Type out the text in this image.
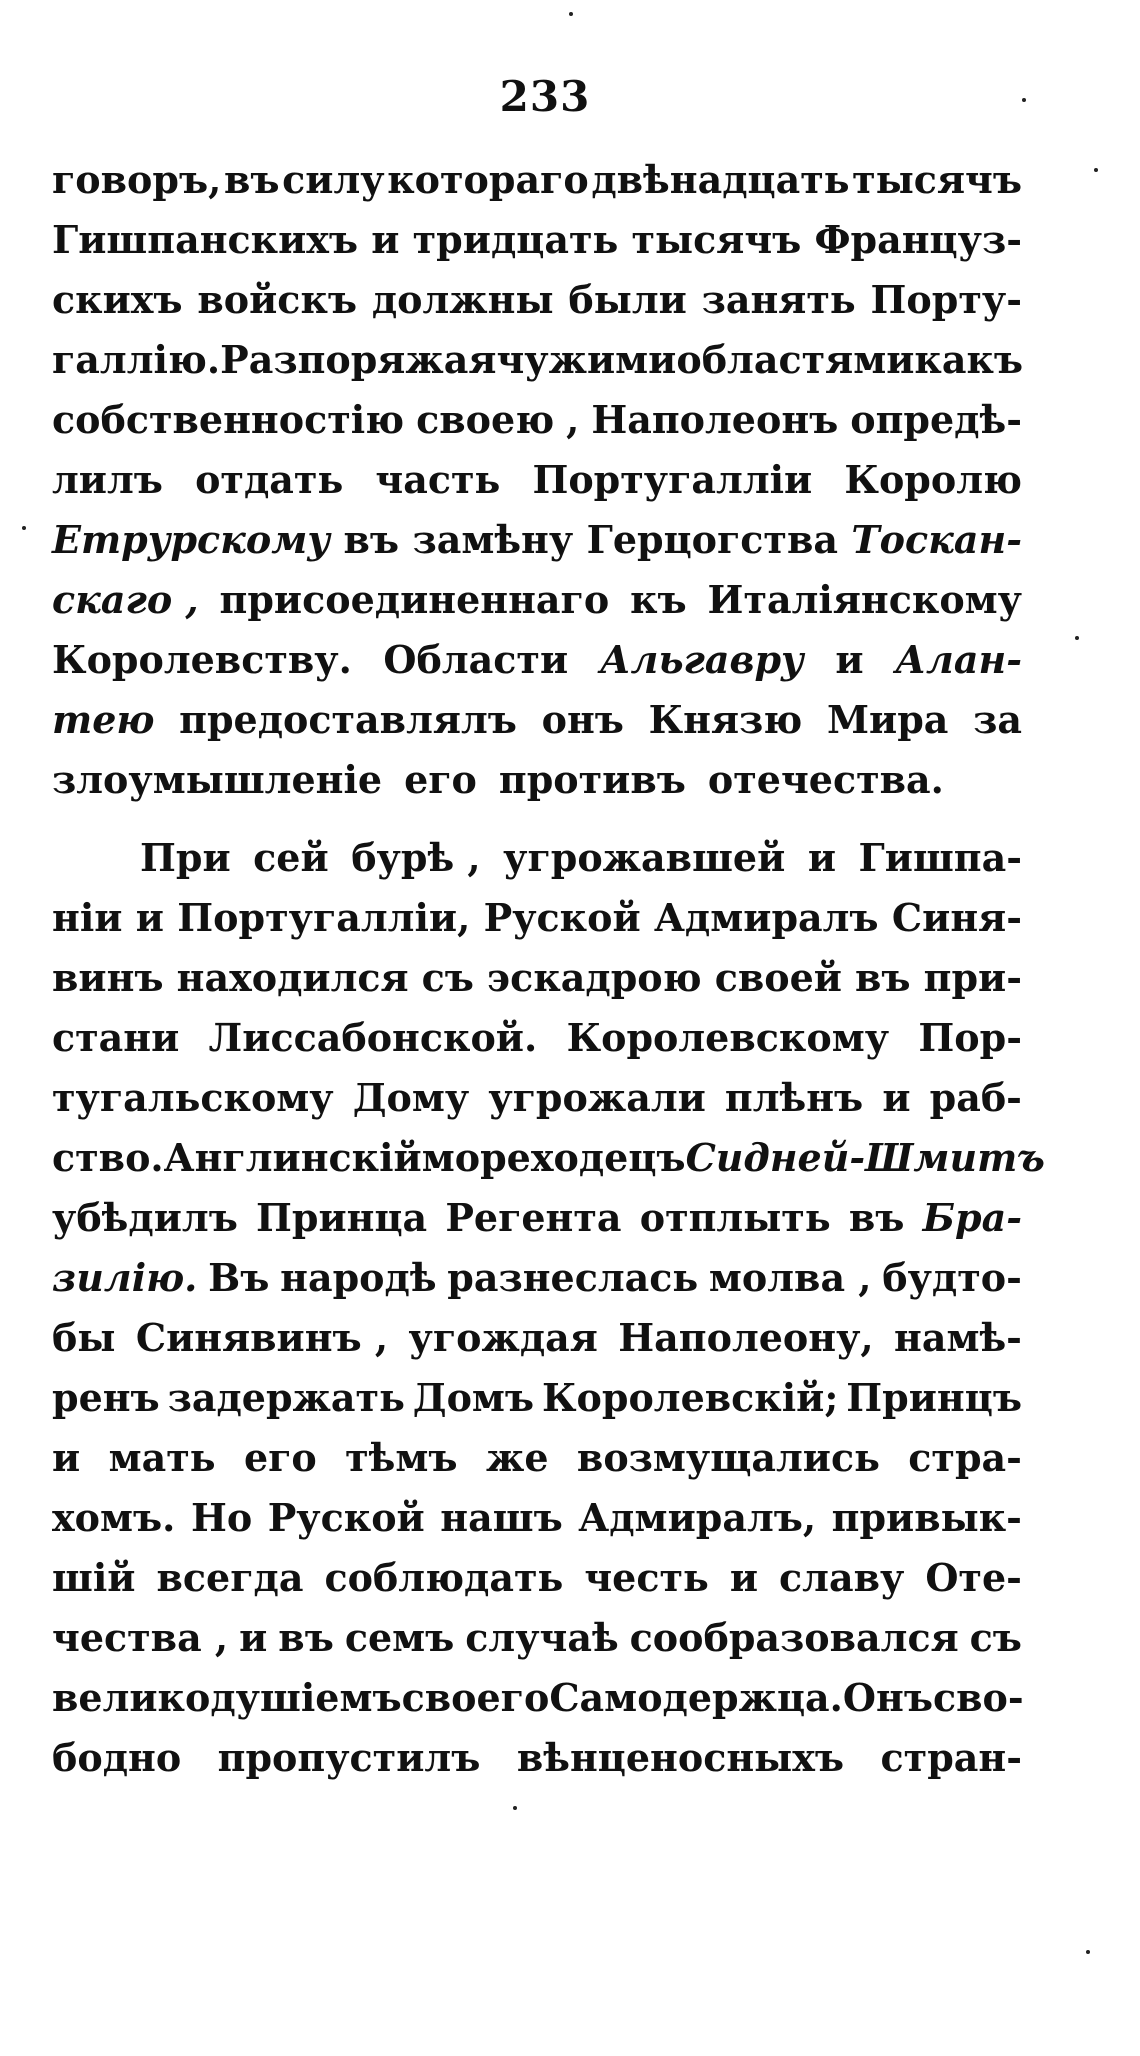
233
говоръ, въ силу котораго двѣнадцать тысячъ
Гишпанскихъ и тридцать тысячъ Француз-
скихъ войскъ должны были занять Порту-
галлію. Разпоряжая чужими областями какъ
собственностію своею , Наполеонъ опредѣ-
лилъ отдать часть Португалліи Королю
Етрурскому въ замѣну Герцогства Тоскан-
скаго , присоединеннаго къ Италіянскому
Королевству. Области Альгавру и Алан-
тею предоставлялъ онъ Князю Мира за
злоумышленіе его противъ отечества.
При сей бурѣ , угрожавшей и Гишпа-
ніи и Португалліи, Руской Адмиралъ Синя-
винъ находился съ эскадрою своей въ при-
стани Лиссабонской. Королевскому Пор-
тугальскому Дому угрожали плѣнъ и раб-
ство. Англинскій мореходецъ Сидней-Шмитъ
убѣдилъ Принца Регента отплыть въ Бра-
зилію. Въ народѣ разнеслась молва , будто-
бы Синявинъ , угождая Наполеону, намѣ-
ренъ задержать Домъ Королевскій; Принцъ
и мать его тѣмъ же возмущались стра-
хомъ. Но Руской нашъ Адмиралъ, привык-
шій всегда соблюдать честь и славу Оте-
чества , и въ семъ случаѣ сообразовался съ
великодушіемъ своего Самодержца. Онъ сво-
бодно пропустилъ вѣнценосныхъ стран-
